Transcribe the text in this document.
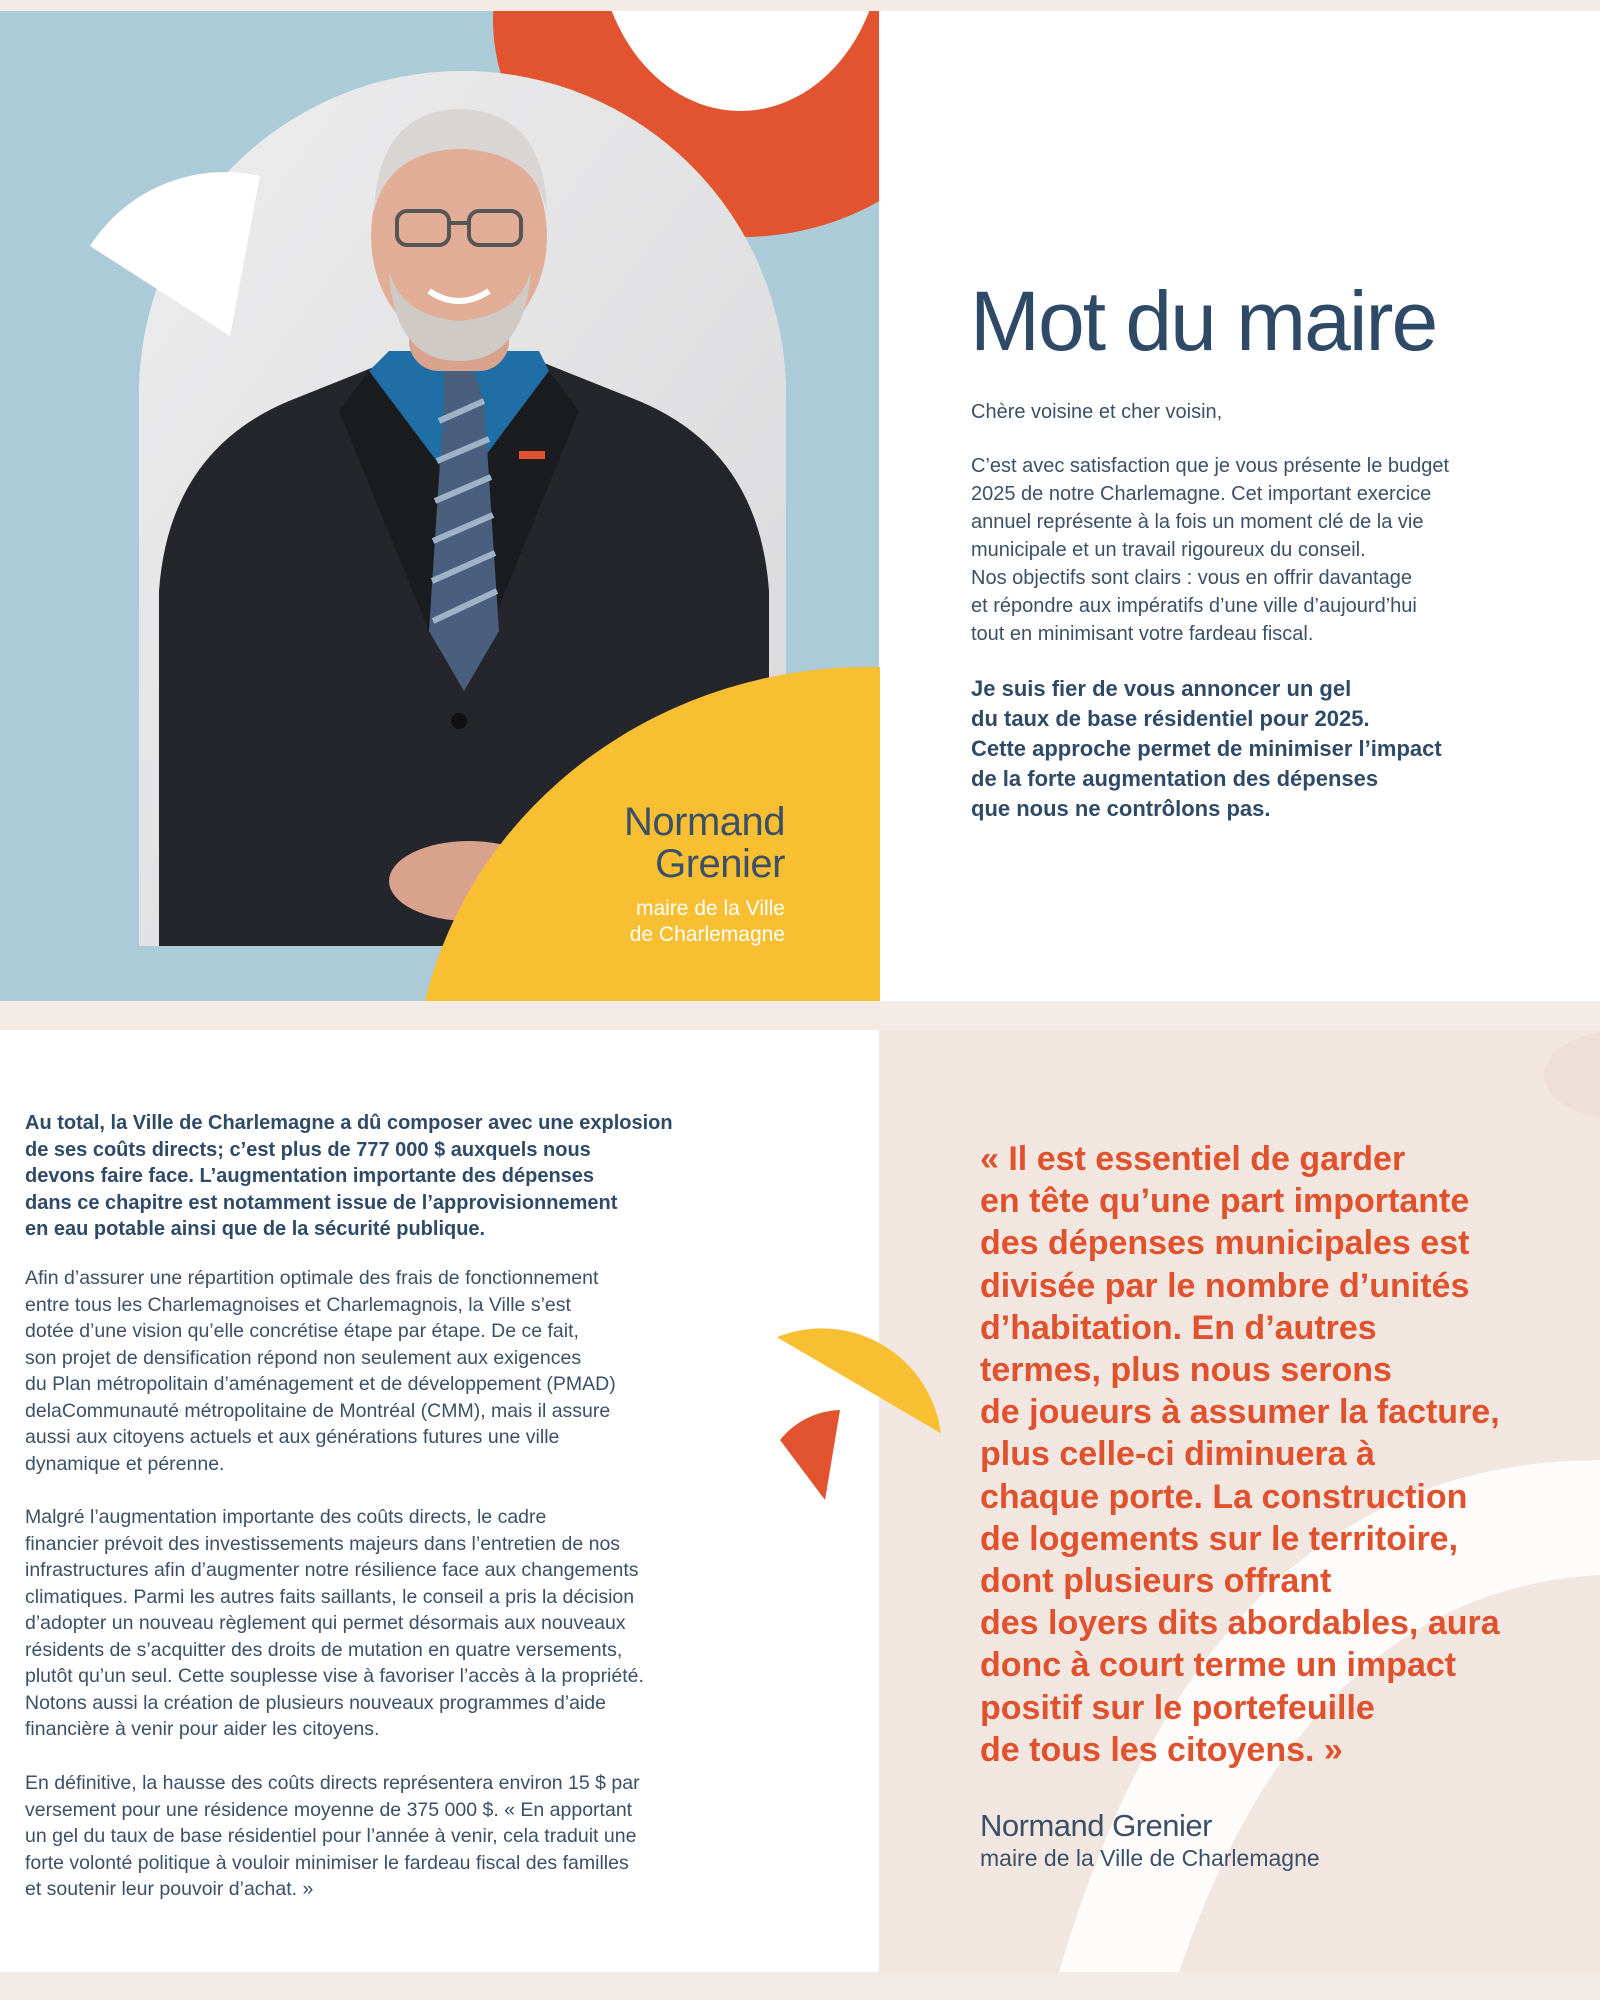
Normand
Grenier
maire de la Ville
de Charlemagne
Mot du maire

Chère voisine et cher voisin,

C’est avec satisfaction que je vous présente le budget
2025 de notre Charlemagne. Cet important exercice
annuel représente à la fois un moment clé de la vie
municipale et un travail rigoureux du conseil.

Nos objectifs sont clairs : vous en offrir davantage
et répondre aux impératifs d’une ville d’aujourd’hui
tout en minimisant votre fardeau fiscal.

Je suis fier de vous annoncer un gel
du taux de base résidentiel pour 2025.
Cette approche permet de minimiser l’impact
de la forte augmentation des dépenses
que nous ne contrôlons pas.

Au total, la Ville de Charlemagne a dû composer avec une explosion
de ses coûts directs; c’est plus de 777 000 $ auxquels nous
devons faire face. L’augmentation importante des dépenses
dans ce chapitre est notamment issue de l’approvisionnement
en eau potable ainsi que de la sécurité publique.

Afin d’assurer une répartition optimale des frais de fonctionnement
entre tous les Charlemagnoises et Charlemagnois, la Ville s’est
dotée d’une vision qu’elle concrétise étape par étape. De ce fait,
son projet de densification répond non seulement aux exigences
du Plan métropolitain d’aménagement et de développement (PMAD)
delaCommunauté métropolitaine de Montréal (CMM), mais il assure
aussi aux citoyens actuels et aux générations futures une ville
dynamique et pérenne.

Malgré l’augmentation importante des coûts directs, le cadre
financier prévoit des investissements majeurs dans l’entretien de nos
infrastructures afin d’augmenter notre résilience face aux changements
climatiques. Parmi les autres faits saillants, le conseil a pris la décision
d’adopter un nouveau règlement qui permet désormais aux nouveaux
résidents de s’acquitter des droits de mutation en quatre versements,
plutôt qu’un seul. Cette souplesse vise à favoriser l’accès à la propriété.
Notons aussi la création de plusieurs nouveaux programmes d’aide
financière à venir pour aider les citoyens.

En définitive, la hausse des coûts directs représentera environ 15 $ par
versement pour une résidence moyenne de 375 000 $. « En apportant
un gel du taux de base résidentiel pour l’année à venir, cela traduit une
forte volonté politique à vouloir minimiser le fardeau fiscal des familles
et soutenir leur pouvoir d’achat. »

« Il est essentiel de garder
en tête qu’une part importante
des dépenses municipales est
divisée par le nombre d’unités
d’habitation. En d’autres
termes, plus nous serons
de joueurs à assumer la facture,
plus celle-ci diminuera à
chaque porte. La construction
de logements sur le territoire,
dont plusieurs offrant
des loyers dits abordables, aura
donc à court terme un impact
positif sur le portefeuille
de tous les citoyens. »

Normand Grenier
maire de la Ville de Charlemagne
